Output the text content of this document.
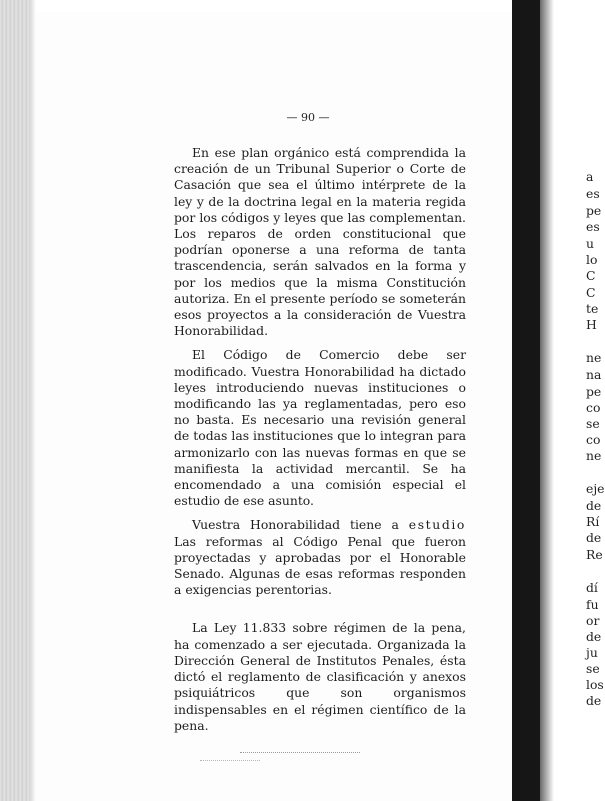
— 90 —

En ese plan orgánico está comprendida la creación de un Tribunal Superior o Corte de Casación que sea el último intérprete de la ley y de la doctrina legal en la materia regida por los códigos y leyes que las complementan. Los reparos de orden constitucional que podrían oponerse a una reforma de tanta trascendencia, serán salvados en la forma y por los medios que la misma Constitución autoriza. En el presente período se someterán esos proyectos a la consideración de Vuestra Honorabilidad.

El Código de Comercio debe ser modificado. Vuestra Honorabilidad ha dictado leyes introduciendo nuevas instituciones o modificando las ya reglamentadas, pero eso no basta. Es necesario una revisión general de todas las instituciones que lo integran para armonizarlo con las nuevas formas en que se manifiesta la actividad mercantil. Se ha encomendado a una comisión especial el estudio de ese asunto.

Vuestra Honorabilidad tiene a estudio Las reformas al Código Penal que fueron proyectadas y aprobadas por el Honorable Senado. Algunas de esas reformas responden a exigencias perentorias.

La Ley 11.833 sobre régimen de la pena, ha comenzado a ser ejecutada. Organizada la Dirección General de Institutos Penales, ésta dictó el reglamento de clasificación y anexos psiquiátricos que son organismos indispensables en el régimen científico de la pena.

a
es
pe
es
u
lo
C
C
te
H
ne
na
pe
co
se
co
ne
eje
de
Rí
de
Re
dí
fu
or
de
ju
se
los
de
